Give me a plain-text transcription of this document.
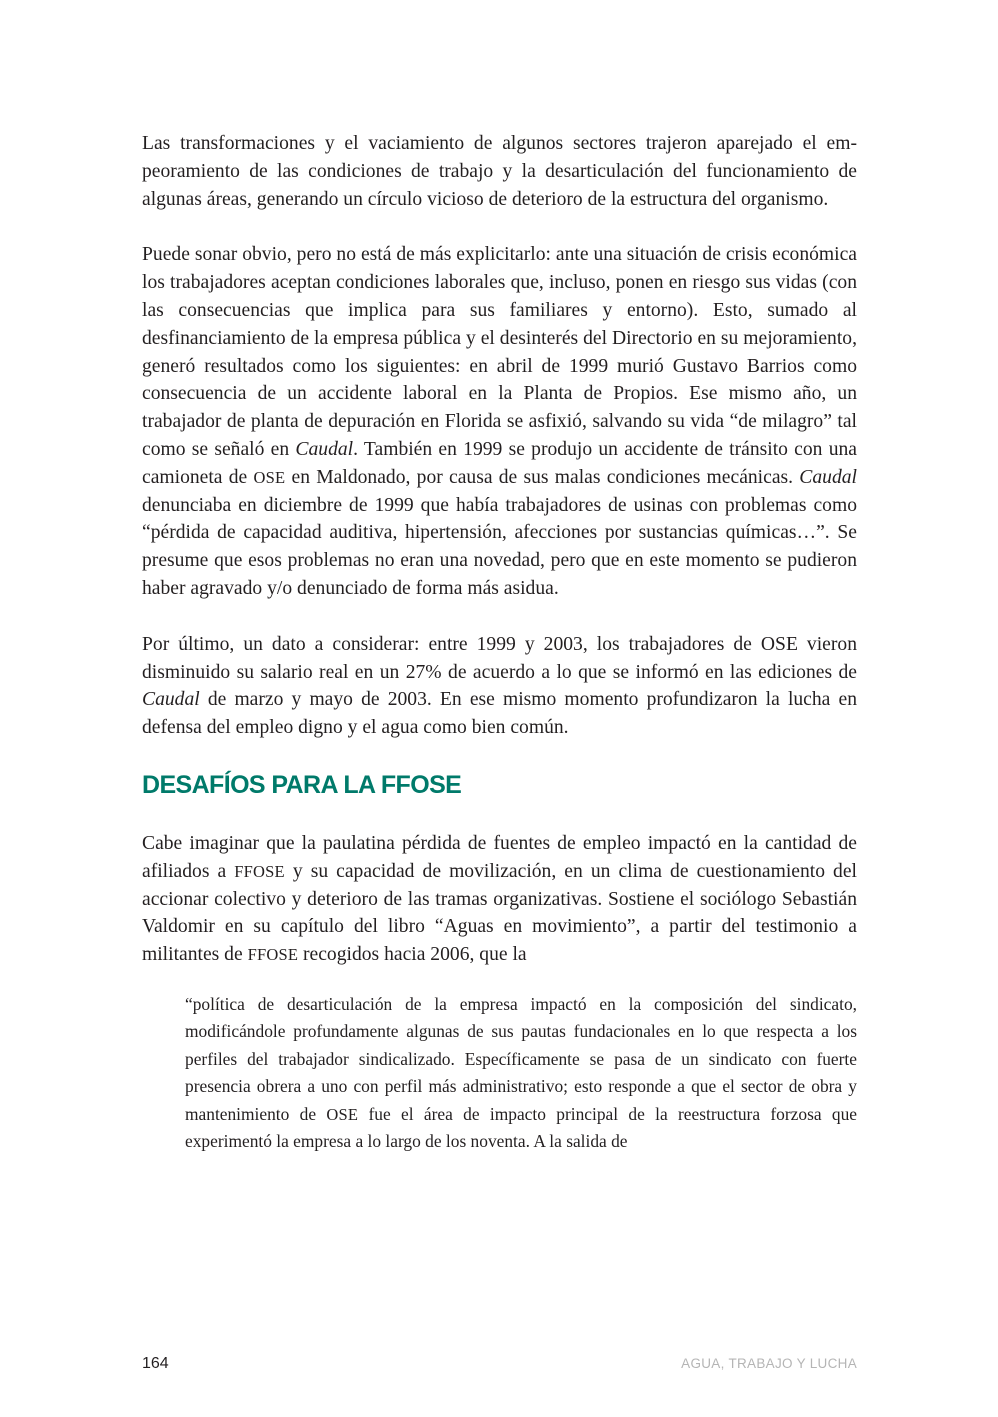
Las transformaciones y el vaciamiento de algunos sectores trajeron aparejado el empeoramiento de las condiciones de trabajo y la desarticulación del funcionamiento de algunas áreas, generando un círculo vicioso de deterioro de la estructura del organismo.

Puede sonar obvio, pero no está de más explicitarlo: ante una situación de crisis económica los trabajadores aceptan condiciones laborales que, incluso, ponen en riesgo sus vidas (con las consecuencias que implica para sus familiares y entorno). Esto, sumado al desfinanciamiento de la empresa pública y el desinterés del Directorio en su mejoramiento, generó resultados como los siguientes: en abril de 1999 murió Gustavo Barrios como consecuencia de un accidente laboral en la Planta de Propios. Ese mismo año, un trabajador de planta de depuración en Florida se asfixió, salvando su vida “de milagro” tal como se señaló en Caudal. También en 1999 se produjo un accidente de tránsito con una camioneta de OSE en Maldonado, por causa de sus malas condiciones mecánicas. Caudal denunciaba en diciembre de 1999 que había trabajadores de usinas con problemas como “pérdida de capacidad auditiva, hipertensión, afecciones por sustancias químicas…”. Se presume que esos problemas no eran una novedad, pero que en este momento se pudieron haber agravado y/o denunciado de forma más asidua.

Por último, un dato a considerar: entre 1999 y 2003, los trabajadores de OSE vieron disminuido su salario real en un 27% de acuerdo a lo que se informó en las ediciones de Caudal de marzo y mayo de 2003. En ese mismo momento profundizaron la lucha en defensa del empleo digno y el agua como bien común.

DESAFÍOS PARA LA FFOSE

Cabe imaginar que la paulatina pérdida de fuentes de empleo impactó en la cantidad de afiliados a FFOSE y su capacidad de movilización, en un clima de cuestionamiento del accionar colectivo y deterioro de las tramas organizativas. Sostiene el sociólogo Sebastián Valdomir en su capítulo del libro “Aguas en movimiento”, a partir del testimonio a militantes de FFOSE recogidos hacia 2006, que la

“política de desarticulación de la empresa impactó en la composición del sindicato, modificándole profundamente algunas de sus pautas fundacionales en lo que respecta a los perfiles del trabajador sindicalizado. Específicamente se pasa de un sindicato con fuerte presencia obrera a uno con perfil más administrativo; esto responde a que el sector de obra y mantenimiento de OSE fue el área de impacto principal de la reestructura forzosa que experimentó la empresa a lo largo de los noventa. A la salida de

164	AGUA, TRABAJO Y LUCHA
